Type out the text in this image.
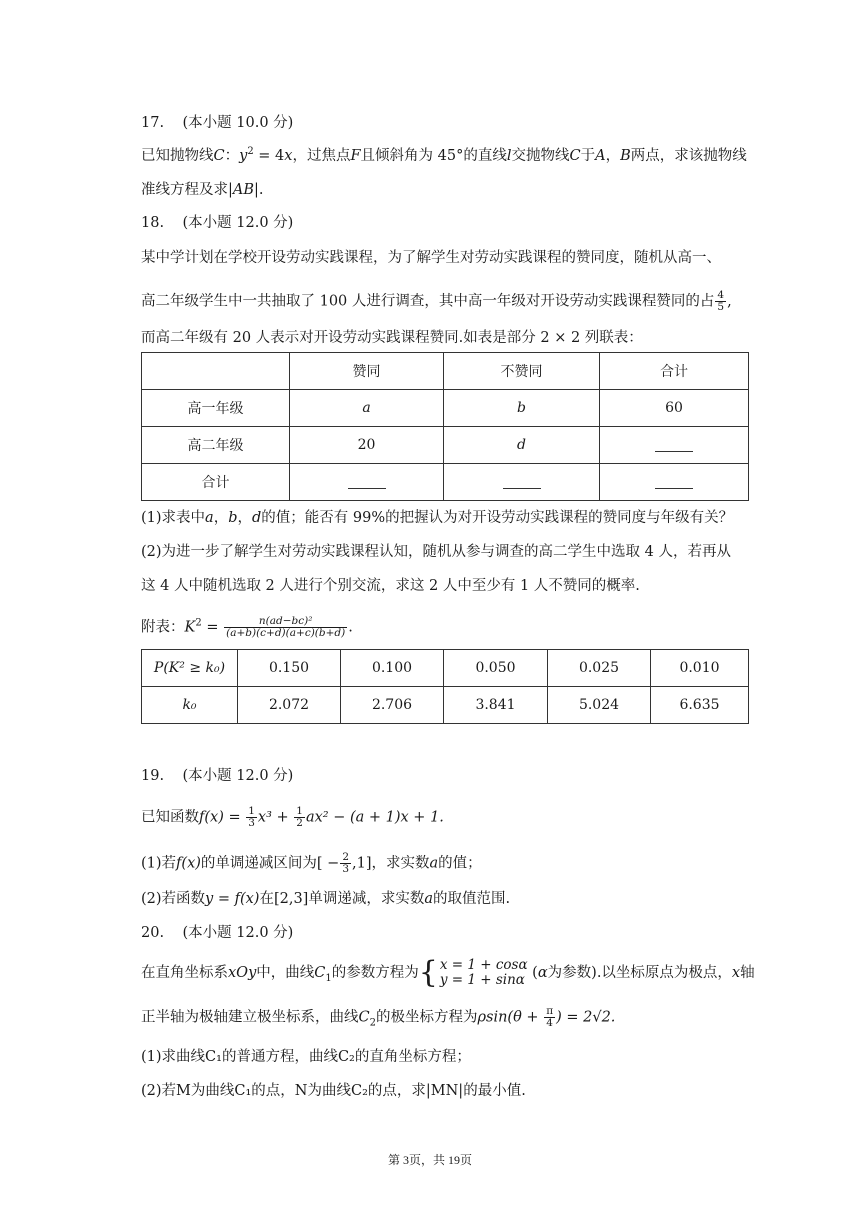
17. (本小题 10.0 分)
已知抛物线C：$y^2 = 4x$，过焦点F且倾斜角为 45°的直线l交抛物线C于A，B两点，求该抛物线
准线方程及求|AB|.
18. (本小题 12.0 分)
某中学计划在学校开设劳动实践课程，为了解学生对劳动实践课程的赞同度，随机从高一、
高二年级学生中一共抽取了 100 人进行调查，其中高一年级对开设劳动实践课程赞同的占 $\frac{4}{5}$ ,
而高二年级有 20 人表示对开设劳动实践课程赞同.如表是部分 2 × 2 列联表：
	赞同	不赞同	合计
高一年级	a	b	60
高二年级	20	d	
合计			
(1)求表中a，b，d的值；能否有 99%的把握认为对开设劳动实践课程的赞同度与年级有关？
(2)为进一步了解学生对劳动实践课程认知，随机从参与调查的高二学生中选取 4 人，若再从
这 4 人中随机选取 2 人进行个别交流，求这 2 人中至少有 1 人不赞同的概率.
附表：$K^2 = \frac{\text{n(ad−bc)²}}{(a+b)(c+d)(a+c)(b+d)}$ .
P(K² ≥ k₀)	0.150	0.100	0.050	0.025	0.010
k₀	2.072	2.706	3.841	5.024	6.635
19. (本小题 12.0 分)
已知函数$f(x) = \frac{1}{3} x^3 + \frac{1}{2} ax^2 - (a + 1)x + 1$.
(1)若f(x)的单调递减区间为[ − $\frac{2}{3} ,1$]，求实数a的值；
(2)若函数y = f(x)在[2,3]单调递减，求实数a的取值范围.
20. (本小题 12.0 分)
在直角坐标系xOy中，曲线$C_1$的参数方程为{ x = 1 + cosα
y = 1 + sinα (α为参数).以坐标原点为极点，x轴
正半轴为极轴建立极坐标系，曲线$C_2$的极坐标方程为$\rho\sin(\theta + \frac{\pi}{4}$ ) = 2√2.
(1)求曲线C₁的普通方程，曲线C₂的直角坐标方程；
(2)若M为曲线C₁的点，N为曲线C₂的点，求|MN|的最小值.
第 3页，共 19页
